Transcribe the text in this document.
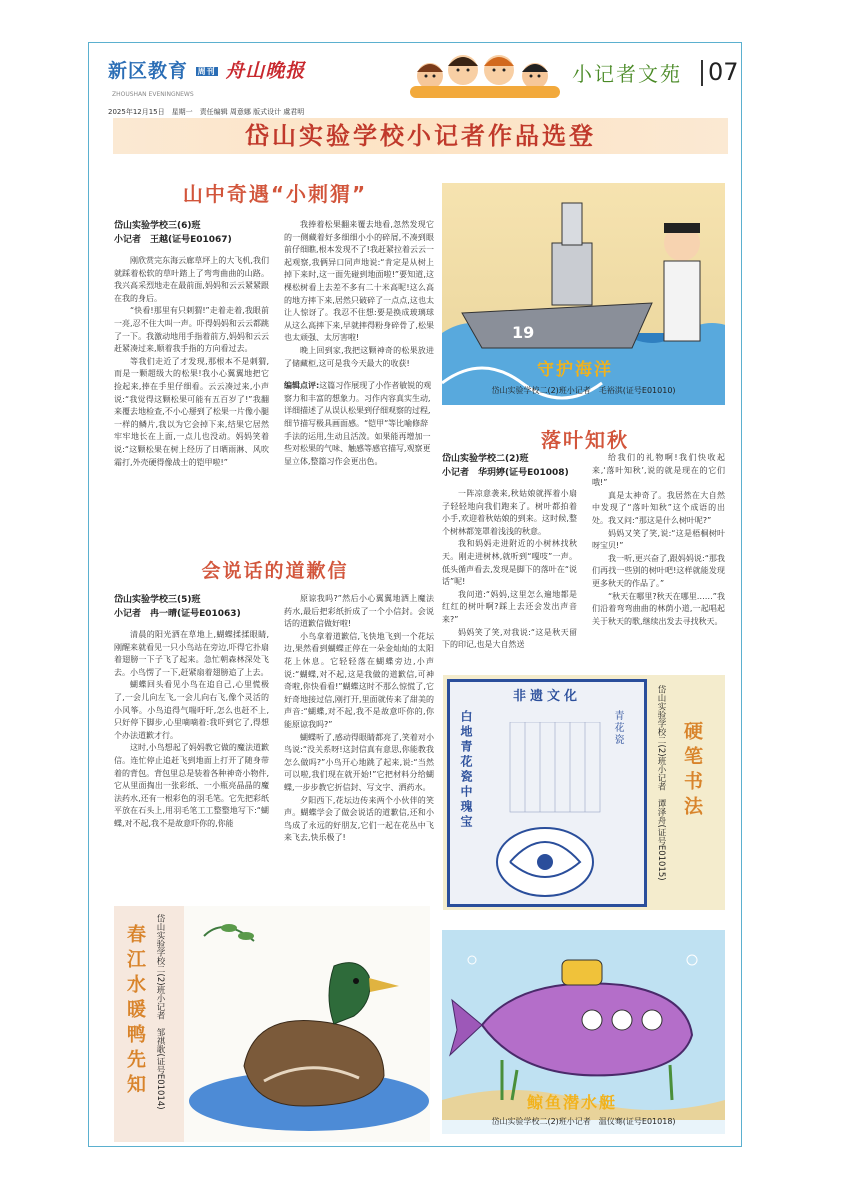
新区教育 周刊 舟山晚报 ZHOUSHAN EVENINGNEWS
2025年12月15日　星期一　责任编辑 周意娜 版式设计 虞君明
小记者文苑 07
岱山实验学校小记者作品选登
山中奇遇“小刺猬”
岱山实验学校三(6)班
小记者　王越(证号E01067)

刚欣赏完东海云廊草坪上的大飞机,我们就踩着松软的草叶踏上了弯弯曲曲的山路。我兴高采烈地走在最前面,妈妈和云云紧紧跟在我的身后。

“快看!那里有只刺猬!”走着走着,我眼前一亮,忍不住大叫一声。吓得妈妈和云云都跳了一下。我激动地用手指着前方,妈妈和云云赶紧凑过来,顺着我手指的方向看过去。

等我们走近了才发现,那根本不是刺猬,而是一颗超级大的松果!我小心翼翼地把它捡起来,捧在手里仔细看。云云凑过来,小声说:“我觉得这颗松果可能有五百岁了!”我翻来覆去地检查,不小心掰到了松果一片像小腿一样的鳞片,我以为它会掉下来,结果它居然牢牢地长在上面,一点儿也没动。妈妈笑着说:“这颗松果在树上经历了日晒雨淋、风吹霜打,外壳硬得像战士的铠甲啦!”

我捧着松果翻来覆去地看,忽然发现它的一侧藏着好多细细小小的碎屑,不凑到眼前仔细瞧,根本发现不了!我赶紧拉着云云一起观察,我俩异口同声地说:“肯定是从树上掉下来时,这一面先碰到地面啦!”要知道,这棵松树看上去差不多有二十米高呢!这么高的地方摔下来,居然只破碎了一点点,这也太让人惊讶了。我忍不住想:要是换成玻璃球从这么高摔下来,早就摔得粉身碎骨了,松果也太顽强、太厉害啦!

晚上回到家,我把这颗神奇的松果放进了储藏柜,这可是我今天最大的收获!

编辑点评:这篇习作展现了小作者敏锐的观察力和丰富的想象力。习作内容真实生动,详细描述了从误认松果到仔细观察的过程,细节描写极具画面感。“铠甲”等比喻修辞手法的运用,生动且活泼。如果能再增加一些对松果的气味、触感等感官描写,观察更显立体,整篇习作会更出色。
会说话的道歉信
岱山实验学校三(5)班
小记者　冉一晴(证号E01063)

清晨的阳光洒在草地上,蝴蝶揉揉眼睛,刚醒来就看见一只小鸟站在旁边,吓得它扑扇着翅膀一下子飞了起来。急忙朝森林深处飞去。小鸟愣了一下,赶紧扇着翅膀追了上去。

蝴蝶回头看见小鸟在追自己,心里慌极了,一会儿向左飞,一会儿向右飞,像个灵活的小风筝。小鸟追得气喘吁吁,怎么也赶不上,只好停下脚步,心里嘀嘀着:我吓到它了,得想个办法道歉才行。

这时,小鸟想起了妈妈教它做的魔法道歉信。连忙停止追赶飞到地面上打开了随身带着的背包。背包里总是装着各种神奇小物件,它从里面掏出一张彩纸、一小瓶亮晶晶的魔法药水,还有一根彩色的羽毛笔。它先把彩纸平放在石头上,用羽毛笔工工整整地写下:“蝴蝶,对不起,我不是故意吓你的,你能

原谅我吗?”然后小心翼翼地洒上魔法药水,最后把彩纸折成了一个小信封。会说话的道歉信做好啦!

小鸟拿着道歉信,飞快地飞到一个花坛边,果然看到蝴蝶正停在一朵金灿灿的太阳花上休息。它轻轻落在蝴蝶旁边,小声说:“蝴蝶,对不起,这是我做的道歉信,可神奇啦,你快看看!”蝴蝶这时不那么惊慌了,它好奇地接过信,刚打开,里面就传来了甜美的声音:“蝴蝶,对不起,我不是故意吓你的,你能原谅我吗?”

蝴蝶听了,感动得眼睛都亮了,笑着对小鸟说:“没关系呀!这封信真有意思,你能教我怎么做吗?”小鸟开心地跳了起来,说:“当然可以啦,我们现在就开始!”它把材料分给蝴蝶,一步步教它折信封、写文字、洒药水。

夕阳西下,花坛边传来两个小伙伴的笑声。蝴蝶学会了做会说话的道歉信,还和小鸟成了永远的好朋友,它们一起在花丛中飞来飞去,快乐极了!

19
守护海洋
岱山实验学校二(2)班小记者　毛裕淇(证号E01010)
落叶知秋
岱山实验学校二(2)班
小记者　华玥婷(证号E01008)

一阵凉意袭来,秋姑娘就挥着小扇子轻轻地向我们跑来了。树叶都拍着小手,欢迎着秋姑娘的到来。这时候,整个树林都笼罩着浅浅的秋意。

我和妈妈走进附近的小树林找秋天。刚走进树林,就听到“嘎吱”一声。低头循声看去,发现是脚下的落叶在“说话”呢!

我问道:“妈妈,这里怎么遍地都是红红的树叶啊?踩上去还会发出声音来?”

妈妈笑了笑,对我说:“这是秋天留下的印记,也是大自然送

给我们的礼物啊!我们快收起来,‘落叶知秋’,说的就是现在的它们哦!”

真是太神奇了。我居然在大自然中发现了“落叶知秋”这个成语的出处。我又问:“那这是什么树叶呢?”

妈妈又笑了笑,说:“这是梧桐树叶呀宝贝!”

我一听,更兴奋了,跟妈妈说:“那我们再找一些别的树叶吧!这样就能发现更多秋天的作品了。”

“秋天在哪里?秋天在哪里……”我们沿着弯弯曲曲的林荫小道,一起唱起关于秋天的歌,继续出发去寻找秋天。

非遗文化
白地青花瓷中瑰宝	青花瓷	硬笔书法
岱山实验学校二(2)班小记者　谭泽舟(证号E01015)
春江水暖鸭先知	岱山实验学校二(2)班小记者　邹祺歌(证号E01014)	鲸鱼潜水艇
岱山实验学校二(2)班小记者　温仪骞(证号E01018)
